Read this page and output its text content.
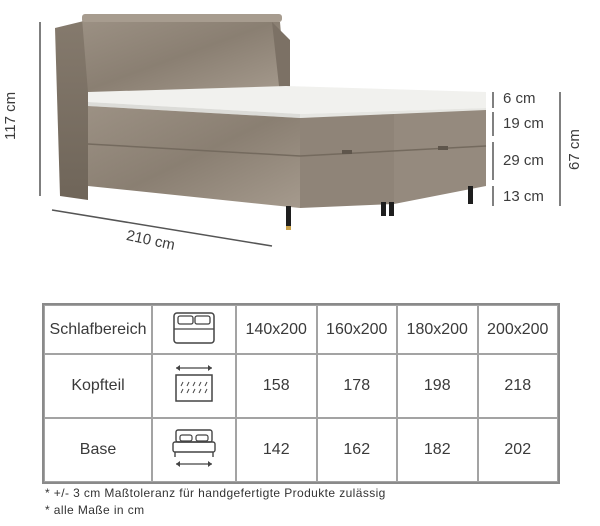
117 cm
210 cm
67 cm
6 cm
19 cm
29 cm
13 cm
Schlafbereich		140x200	160x200	180x200	200x200
Kopfteil		158	178	198	218
Base		142	162	182	202
* +/- 3 cm Maßtoleranz für handgefertigte Produkte zulässig
* alle Maße in cm
